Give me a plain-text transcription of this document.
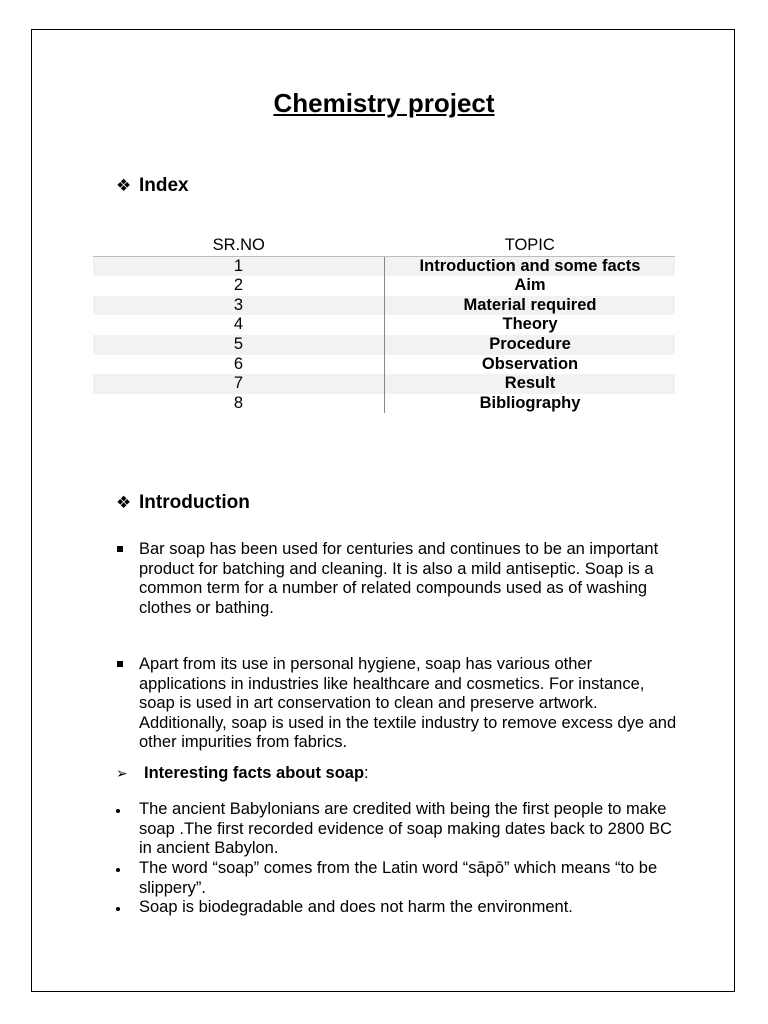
Chemistry project
❖ Index
SR.NO	TOPIC
1	Introduction and some facts
2	Aim
3	Material required
4	Theory
5	Procedure
6	Observation
7	Result
8	Bibliography
❖ Introduction
Bar soap has been used for centuries and continues to be an important product for batching and cleaning. It is also a mild antiseptic. Soap is a common term for a number of related compounds used as of washing clothes or bathing.
Apart from its use in personal hygiene, soap has various other applications in industries like healthcare and cosmetics. For instance, soap is used in art conservation to clean and preserve artwork. Additionally, soap is used in the textile industry to remove excess dye and other impurities from fabrics.
➢ Interesting facts about soap :
The ancient Babylonians are credited with being the first people to make soap .The first recorded evidence of soap making dates back to 2800 BC in ancient Babylon.
The word “soap” comes from the Latin word “sāpō” which means “to be slippery”.
Soap is biodegradable and does not harm the environment.
